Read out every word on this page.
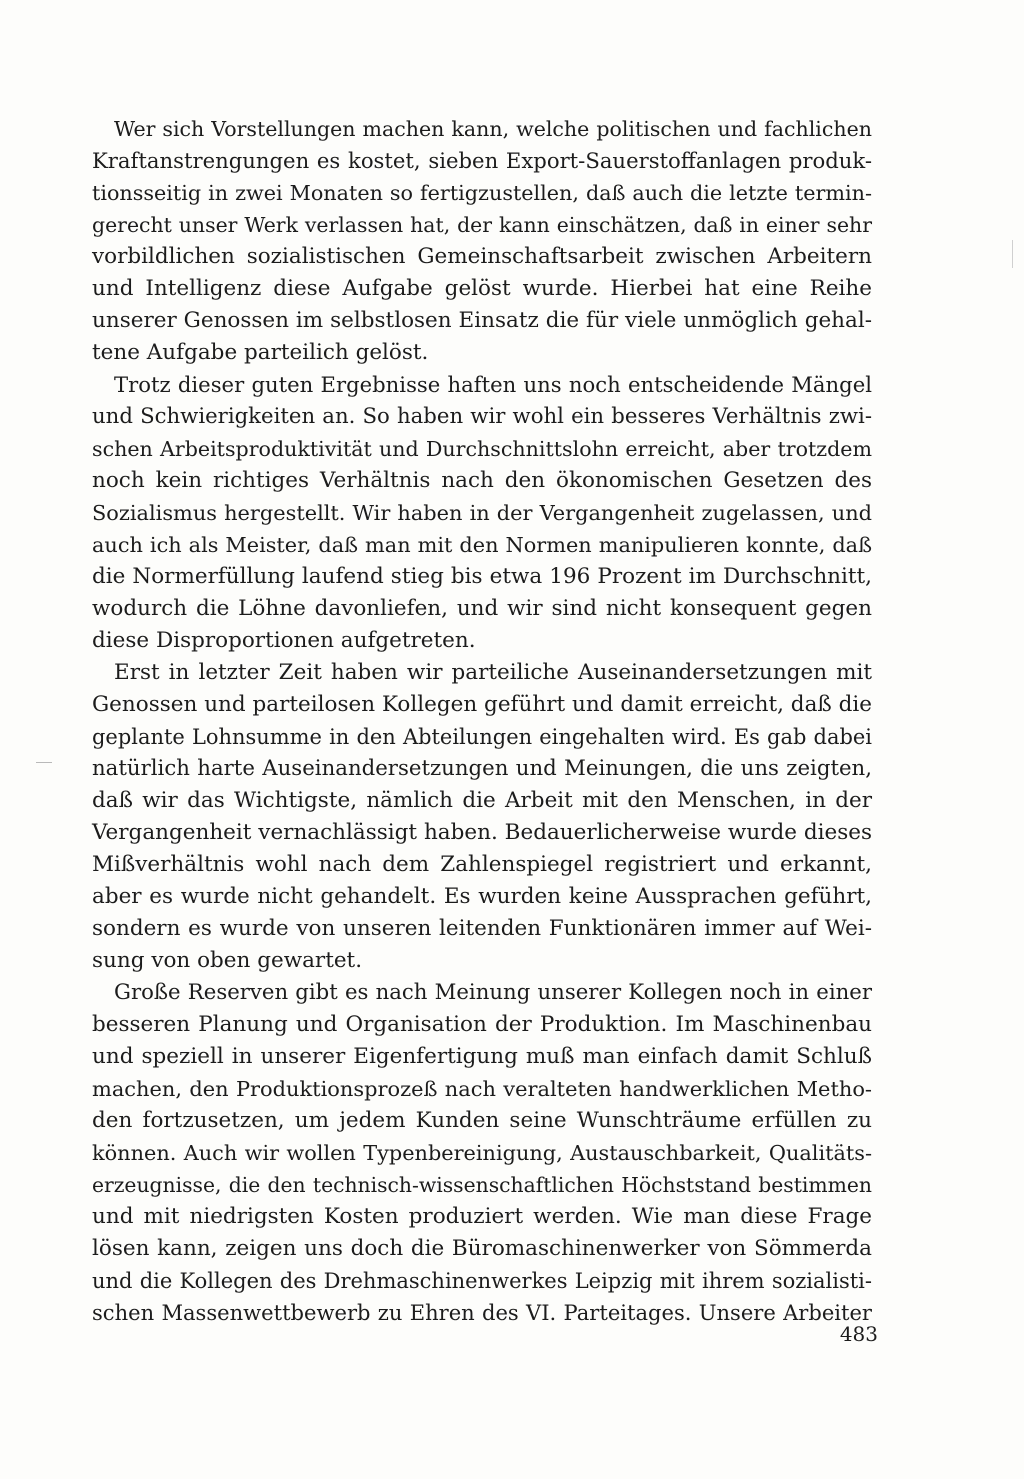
Wer sich Vorstellungen machen kann, welche politischen und fachlichen
Kraftanstrengungen es kostet, sieben Export-Sauerstoffanlagen produk-
tionsseitig in zwei Monaten so fertigzustellen, daß auch die letzte termin-
gerecht unser Werk verlassen hat, der kann einschätzen, daß in einer sehr
vorbildlichen sozialistischen Gemeinschaftsarbeit zwischen Arbeitern
und Intelligenz diese Aufgabe gelöst wurde. Hierbei hat eine Reihe
unserer Genossen im selbstlosen Einsatz die für viele unmöglich gehal-
tene Aufgabe parteilich gelöst.
Trotz dieser guten Ergebnisse haften uns noch entscheidende Mängel
und Schwierigkeiten an. So haben wir wohl ein besseres Verhältnis zwi-
schen Arbeitsproduktivität und Durchschnittslohn erreicht, aber trotzdem
noch kein richtiges Verhältnis nach den ökonomischen Gesetzen des
Sozialismus hergestellt. Wir haben in der Vergangenheit zugelassen, und
auch ich als Meister, daß man mit den Normen manipulieren konnte, daß
die Normerfüllung laufend stieg bis etwa 196 Prozent im Durchschnitt,
wodurch die Löhne davonliefen, und wir sind nicht konsequent gegen
diese Disproportionen aufgetreten.
Erst in letzter Zeit haben wir parteiliche Auseinandersetzungen mit
Genossen und parteilosen Kollegen geführt und damit erreicht, daß die
geplante Lohnsumme in den Abteilungen eingehalten wird. Es gab dabei
natürlich harte Auseinandersetzungen und Meinungen, die uns zeigten,
daß wir das Wichtigste, nämlich die Arbeit mit den Menschen, in der
Vergangenheit vernachlässigt haben. Bedauerlicherweise wurde dieses
Mißverhältnis wohl nach dem Zahlenspiegel registriert und erkannt,
aber es wurde nicht gehandelt. Es wurden keine Aussprachen geführt,
sondern es wurde von unseren leitenden Funktionären immer auf Wei-
sung von oben gewartet.
Große Reserven gibt es nach Meinung unserer Kollegen noch in einer
besseren Planung und Organisation der Produktion. Im Maschinenbau
und speziell in unserer Eigenfertigung muß man einfach damit Schluß
machen, den Produktionsprozeß nach veralteten handwerklichen Metho-
den fortzusetzen, um jedem Kunden seine Wunschträume erfüllen zu
können. Auch wir wollen Typenbereinigung, Austauschbarkeit, Qualitäts-
erzeugnisse, die den technisch-wissenschaftlichen Höchststand bestimmen
und mit niedrigsten Kosten produziert werden. Wie man diese Frage
lösen kann, zeigen uns doch die Büromaschinenwerker von Sömmerda
und die Kollegen des Drehmaschinenwerkes Leipzig mit ihrem sozialisti-
schen Massenwettbewerb zu Ehren des VI. Parteitages. Unsere Arbeiter
483
